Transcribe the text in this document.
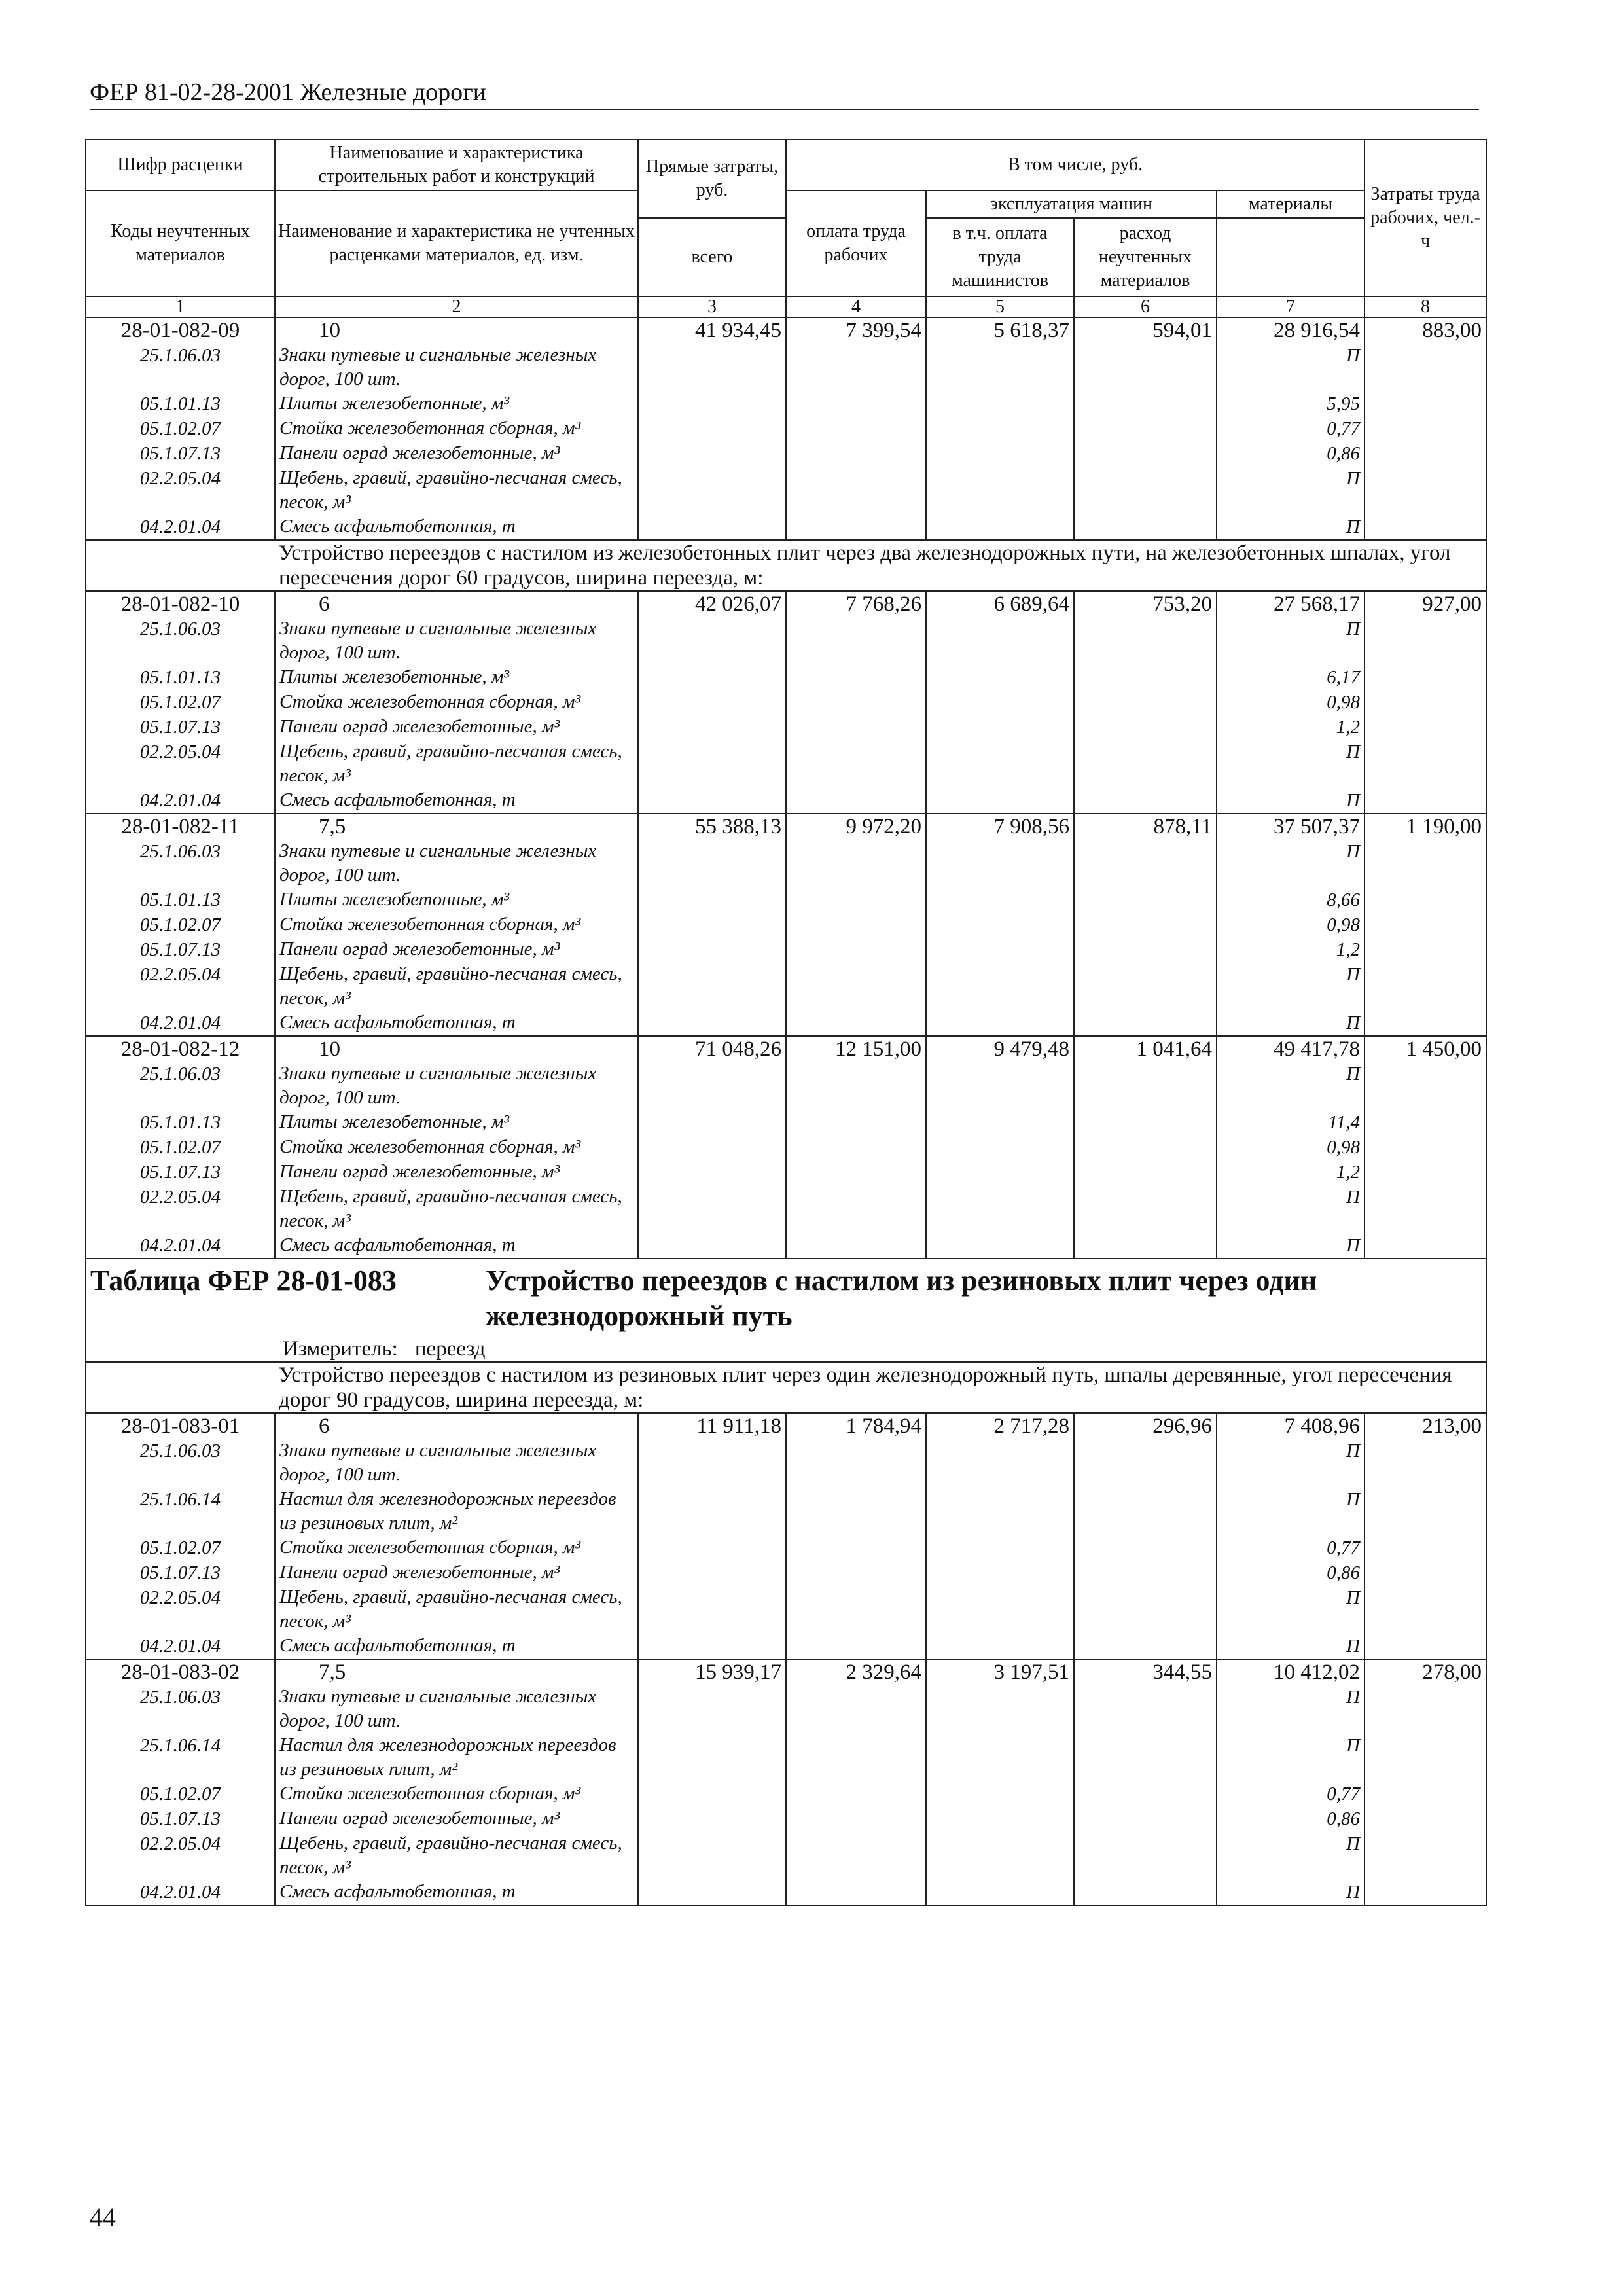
ФЕР 81-02-28-2001 Железные дороги
Шифр расценки	Наименование и характеристика строительных работ и конструкций	Прямые затраты, руб.	В том числе, руб.				Затраты труда рабочих, чел.-ч
Коды неучтенных материалов	Наименование и характеристика не учтенных расценками материалов, ед. изм.		оплата труда рабочих	эксплуатация машин		материалы	
		всего		в т.ч. оплата труда машинистов	расход неучтенных материалов		
1	2	3	4	5	6	7	8
28-01-082-09	10	41 934,45	7 399,54	5 618,37	594,01	28 916,54	883,00
25.1.06.03	Знаки путевые и сигнальные железных дорог, 100 шт.					П	
05.1.01.13	Плиты железобетонные, м³					5,95	
05.1.02.07	Стойка железобетонная сборная, м³					0,77	
05.1.07.13	Панели оград железобетонные, м³					0,86	
02.2.05.04	Щебень, гравий, гравийно-песчаная смесь, песок, м³					П	
04.2.01.04	Смесь асфальтобетонная, т					П	
	Устройство переездов с настилом из железобетонных плит через два железнодорожных пути, на железобетонных шпалах, угол пересечения дорог 60 градусов, ширина переезда, м:						
28-01-082-10	6	42 026,07	7 768,26	6 689,64	753,20	27 568,17	927,00
25.1.06.03	Знаки путевые и сигнальные железных дорог, 100 шт.					П	
05.1.01.13	Плиты железобетонные, м³					6,17	
05.1.02.07	Стойка железобетонная сборная, м³					0,98	
05.1.07.13	Панели оград железобетонные, м³					1,2	
02.2.05.04	Щебень, гравий, гравийно-песчаная смесь, песок, м³					П	
04.2.01.04	Смесь асфальтобетонная, т					П	
28-01-082-11	7,5	55 388,13	9 972,20	7 908,56	878,11	37 507,37	1 190,00
25.1.06.03	Знаки путевые и сигнальные железных дорог, 100 шт.					П	
05.1.01.13	Плиты железобетонные, м³					8,66	
05.1.02.07	Стойка железобетонная сборная, м³					0,98	
05.1.07.13	Панели оград железобетонные, м³					1,2	
02.2.05.04	Щебень, гравий, гравийно-песчаная смесь, песок, м³					П	
04.2.01.04	Смесь асфальтобетонная, т					П	
28-01-082-12	10	71 048,26	12 151,00	9 479,48	1 041,64	49 417,78	1 450,00
25.1.06.03	Знаки путевые и сигнальные железных дорог, 100 шт.					П	
05.1.01.13	Плиты железобетонные, м³					11,4	
05.1.02.07	Стойка железобетонная сборная, м³					0,98	
05.1.07.13	Панели оград железобетонные, м³					1,2	
02.2.05.04	Щебень, гравий, гравийно-песчаная смесь, песок, м³					П	
04.2.01.04	Смесь асфальтобетонная, т					П	

Таблица ФЕР 28-01-083 Устройство переездов с настилом из резиновых плит через один железнодорожный путь							

Измеритель: переезд							
	Устройство переездов с настилом из резиновых плит через один железнодорожный путь, шпалы деревянные, угол пересечения дорог 90 градусов, ширина переезда, м:						
28-01-083-01	6	11 911,18	1 784,94	2 717,28	296,96	7 408,96	213,00
25.1.06.03	Знаки путевые и сигнальные железных дорог, 100 шт.					П	
25.1.06.14	Настил для железнодорожных переездов из резиновых плит, м²					П	
05.1.02.07	Стойка железобетонная сборная, м³					0,77	
05.1.07.13	Панели оград железобетонные, м³					0,86	
02.2.05.04	Щебень, гравий, гравийно-песчаная смесь, песок, м³					П	
04.2.01.04	Смесь асфальтобетонная, т					П	
28-01-083-02	7,5	15 939,17	2 329,64	3 197,51	344,55	10 412,02	278,00
25.1.06.03	Знаки путевые и сигнальные железных дорог, 100 шт.					П	
25.1.06.14	Настил для железнодорожных переездов из резиновых плит, м²					П	
05.1.02.07	Стойка железобетонная сборная, м³					0,77	
05.1.07.13	Панели оград железобетонные, м³					0,86	
02.2.05.04	Щебень, гравий, гравийно-песчаная смесь, песок, м³					П	
04.2.01.04	Смесь асфальтобетонная, т					П	
44
